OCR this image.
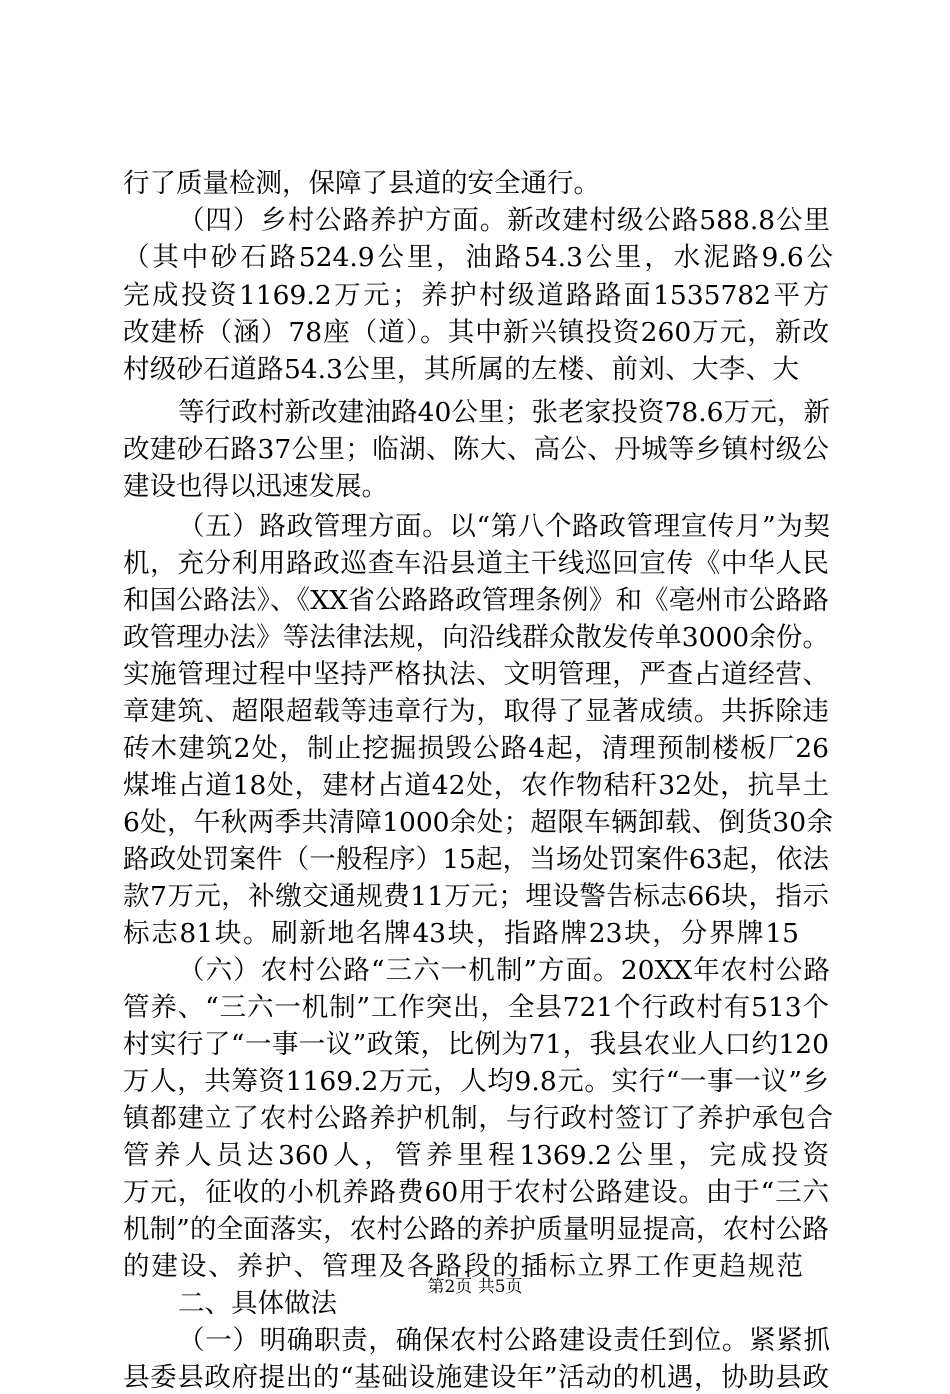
行了质量检测，保障了县道的安全通行。
（四）乡村公路养护方面。新改建村级公路588.8公里
（其中砂石路524.9公里，油路54.3公里，水泥路9.6公
完成投资1169.2万元；养护村级道路路面1535782平方
改建桥（涵）78座（道）。其中新兴镇投资260万元，新改
村级砂石道路54.3公里，其所属的左楼、前刘、大李、大
等行政村新改建油路40公里；张老家投资78.6万元，新
改建砂石路37公里；临湖、陈大、高公、丹城等乡镇村级公
建设也得以迅速发展。
（五）路政管理方面。以“第八个路政管理宣传月”为契
机，充分利用路政巡查车沿县道主干线巡回宣传《中华人民
和国公路法》、《XX省公路路政管理条例》和《亳州市公路路
政管理办法》等法律法规，向沿线群众散发传单3000余份。
实施管理过程中坚持严格执法、文明管理，严查占道经营、
章建筑、超限超载等违章行为，取得了显著成绩。共拆除违
砖木建筑2处，制止挖掘损毁公路4起，清理预制楼板厂26
煤堆占道18处，建材占道42处，农作物秸秆32处，抗旱土
6处，午秋两季共清障1000余处；超限车辆卸载、倒货30余
路政处罚案件（一般程序）15起，当场处罚案件63起，依法
款7万元，补缴交通规费11万元；埋设警告标志66块，指示
标志81块。刷新地名牌43块，指路牌23块，分界牌15
（六）农村公路“三六一机制”方面。20XX年农村公路
管养、“三六一机制”工作突出，全县721个行政村有513个
村实行了“一事一议”政策，比例为71，我县农业人口约120
万人，共筹资1169.2万元，人均9.8元。实行“一事一议”乡
镇都建立了农村公路养护机制，与行政村签订了养护承包合
管养人员达360人，管养里程1369.2公里，完成投资
万元，征收的小机养路费60用于农村公路建设。由于“三六
机制”的全面落实，农村公路的养护质量明显提高，农村公路
的建设、养护、管理及各路段的插标立界工作更趋规范
二、具体做法
（一）明确职责，确保农村公路建设责任到位。紧紧抓
县委县政府提出的“基础设施建设年”活动的机遇，协助县政
第2页 共5页
